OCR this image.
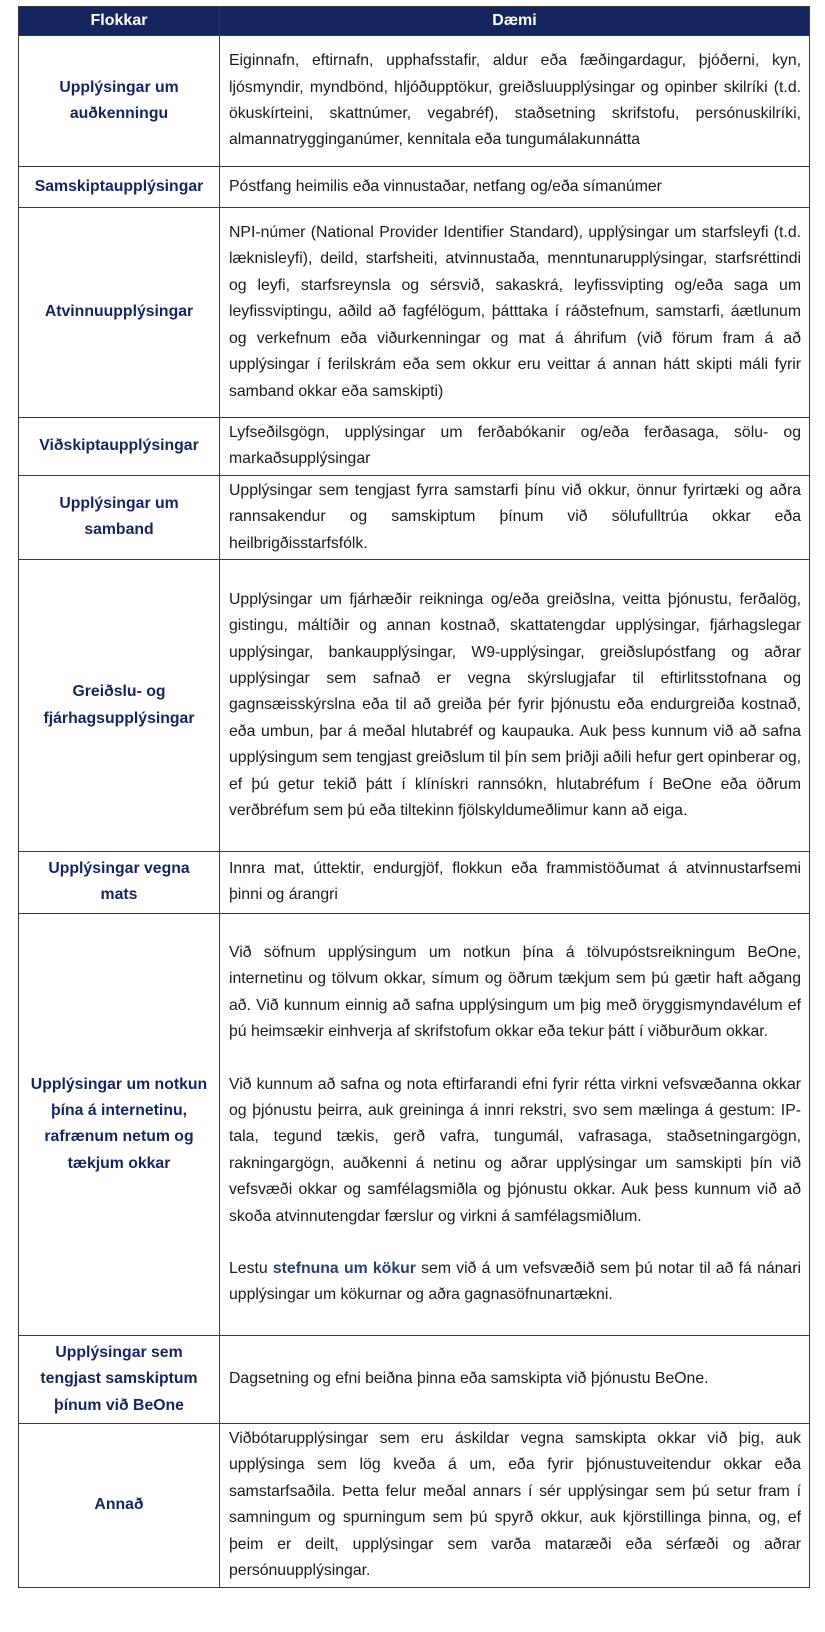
Flokkar	Dæmi
Upplýsingar um auðkenningu	Eiginnafn, eftirnafn, upphafsstafir, aldur eða fæðingardagur, þjóðerni, kyn, ljósmyndir, myndbönd, hljóðupptökur, greiðsluupplýsingar og opinber skilríki (t.d. ökuskírteini, skattnúmer, vegabréf), staðsetning skrifstofu, persónuskilríki, almannatrygginganúmer, kennitala eða tungumálakunnátta
Samskiptaupplýsingar	Póstfang heimilis eða vinnustaðar, netfang og/eða símanúmer
Atvinnuupplýsingar	NPI-númer (National Provider Identifier Standard), upplýsingar um starfsleyfi (t.d. læknisleyfi), deild, starfsheiti, atvinnustaða, menntunarupplýsingar, starfsréttindi og leyfi, starfsreynsla og sérsvið, sakaskrá, leyfissvipting og/eða saga um leyfissviptingu, aðild að fagfélögum, þátttaka í ráðstefnum, samstarfi, áætlunum og verkefnum eða viðurkenningar og mat á áhrifum (við förum fram á að upplýsingar í ferilskrám eða sem okkur eru veittar á annan hátt skipti máli fyrir samband okkar eða samskipti)
Viðskiptaupplýsingar	Lyfseðilsgögn, upplýsingar um ferðabókanir og/eða ferðasaga, sölu- og markaðsupplýsingar
Upplýsingar um samband	Upplýsingar sem tengjast fyrra samstarfi þínu við okkur, önnur fyrirtæki og aðra rannsakendur og samskiptum þínum við sölufulltrúa okkar eða heilbrigðisstarfsfólk.
Greiðslu- og fjárhagsupplýsingar	Upplýsingar um fjárhæðir reikninga og/eða greiðslna, veitta þjónustu, ferðalög, gistingu, máltíðir og annan kostnað, skattatengdar upplýsingar, fjárhagslegar upplýsingar, bankaupplýsingar, W9-upplýsingar, greiðslupóstfang og aðrar upplýsingar sem safnað er vegna skýrslugjafar til eftirlitsstofnana og gagnsæisskýrslna eða til að greiða þér fyrir þjónustu eða endurgreiða kostnað, eða umbun, þar á meðal hlutabréf og kaupauka. Auk þess kunnum við að safna upplýsingum sem tengjast greiðslum til þín sem þriðji aðili hefur gert opinberar og, ef þú getur tekið þátt í klínískri rannsókn, hlutabréfum í BeOne eða öðrum verðbréfum sem þú eða tiltekinn fjölskyldumeðlimur kann að eiga.
Upplýsingar vegna mats	Innra mat, úttektir, endurgjöf, flokkun eða frammistöðumat á atvinnustarfsemi þinni og árangri
Upplýsingar um notkun þína á internetinu, rafrænum netum og tækjum okkar	Við söfnum upplýsingum um notkun þína á tölvupóstsreikningum BeOne, internetinu og tölvum okkar, símum og öðrum tækjum sem þú gætir haft aðgang að. Við kunnum einnig að safna upplýsingum um þig með öryggismyndavélum ef þú heimsækir einhverja af skrifstofum okkar eða tekur þátt í viðburðum okkar.
Við kunnum að safna og nota eftirfarandi efni fyrir rétta virkni vefsvæðanna okkar og þjónustu þeirra, auk greininga á innri rekstri, svo sem mælinga á gestum: IP-tala, tegund tækis, gerð vafra, tungumál, vafrasaga, staðsetningargögn, rakningargögn, auðkenni á netinu og aðrar upplýsingar um samskipti þín við vefsvæði okkar og samfélagsmiðla og þjónustu okkar. Auk þess kunnum við að skoða atvinnutengdar færslur og virkni á samfélagsmiðlum.
Lestu stefnuna um kökur sem við á um vefsvæðið sem þú notar til að fá nánari upplýsingar um kökurnar og aðra gagnasöfnunartækni.

Upplýsingar sem tengjast samskiptum þínum við BeOne	Dagsetning og efni beiðna þinna eða samskipta við þjónustu BeOne.
Annað	Viðbótarupplýsingar sem eru áskildar vegna samskipta okkar við þig, auk upplýsinga sem lög kveða á um, eða fyrir þjónustuveitendur okkar eða samstarfsaðila. Þetta felur meðal annars í sér upplýsingar sem þú setur fram í samningum og spurningum sem þú spyrð okkur, auk kjörstillinga þinna, og, ef þeim er deilt, upplýsingar sem varða mataræði eða sérfæði og aðrar persónuupplýsingar.
